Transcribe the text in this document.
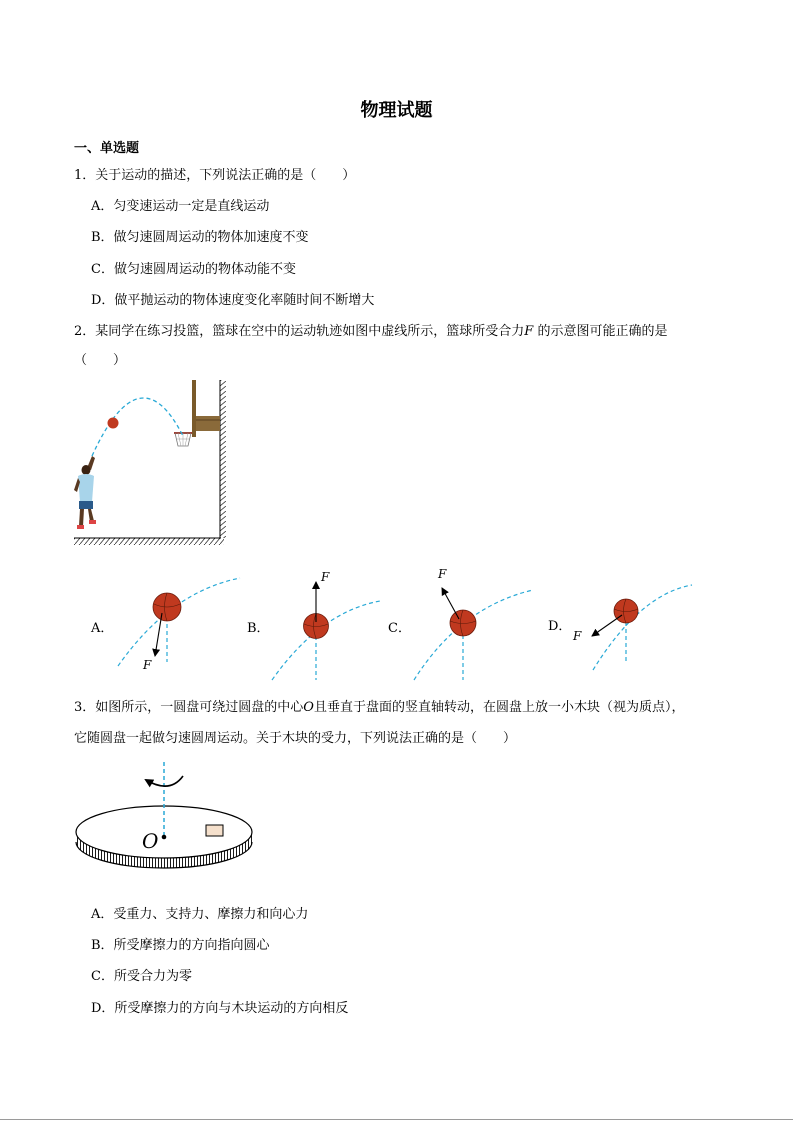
物理试题
一、单选题
1．关于运动的描述，下列说法正确的是（　　）
A．匀变速运动一定是直线运动
B．做匀速圆周运动的物体加速度不变
C．做匀速圆周运动的物体动能不变
D．做平抛运动的物体速度变化率随时间不断增大
2．某同学在练习投篮，篮球在空中的运动轨迹如图中虚线所示，篮球所受合力F 的示意图可能正确的是
（　　）
A．
F
B．
F
C．
F
D．
F
3．如图所示，一圆盘可绕过圆盘的中心O且垂直于盘面的竖直轴转动，在圆盘上放一小木块（视为质点），
它随圆盘一起做匀速圆周运动。关于木块的受力，下列说法正确的是（　　）
O
A．受重力、支持力、摩擦力和向心力
B．所受摩擦力的方向指向圆心
C．所受合力为零
D．所受摩擦力的方向与木块运动的方向相反
